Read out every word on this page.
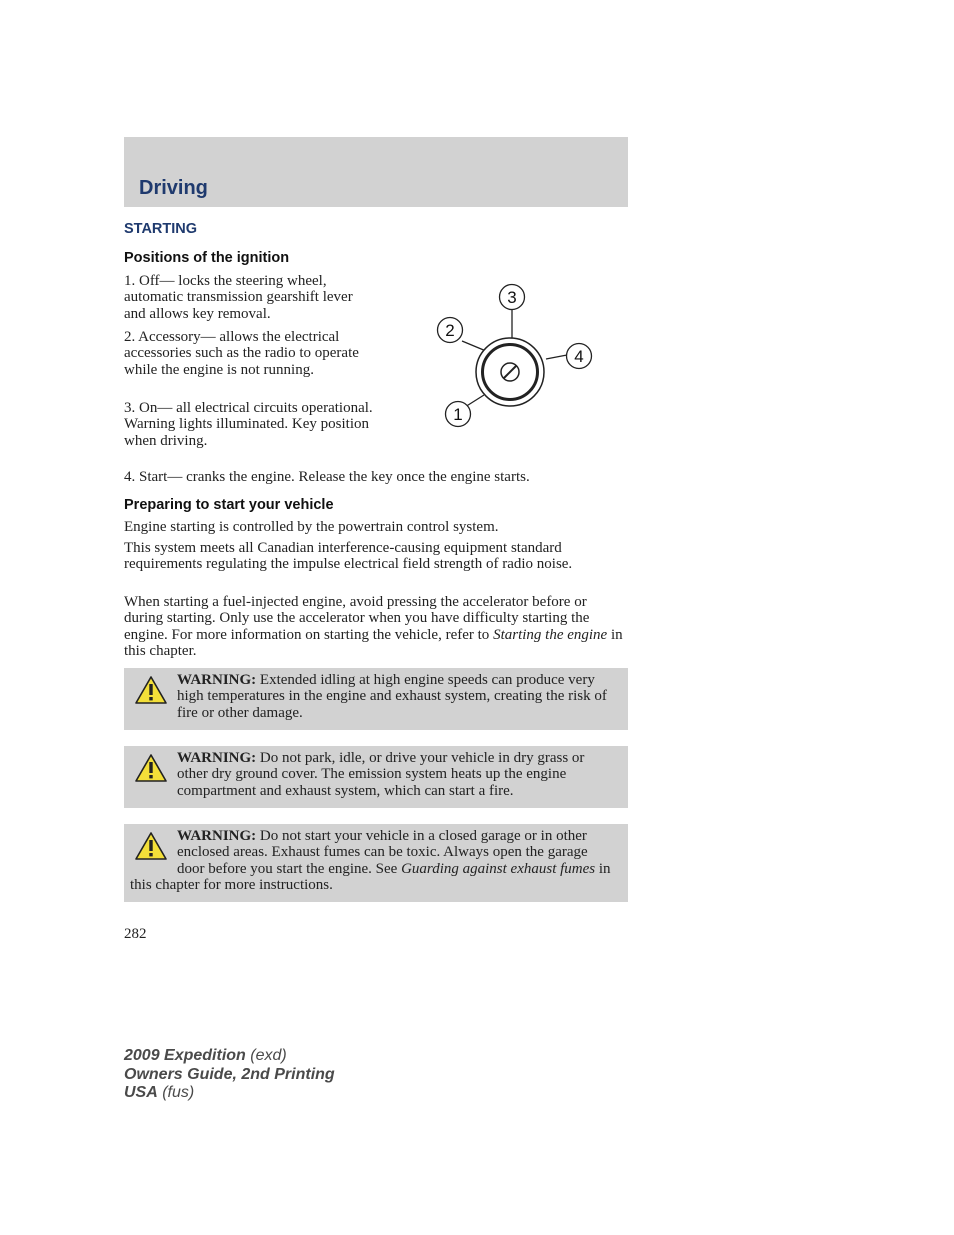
Driving
STARTING
Positions of the ignition

1. Off— locks the steering wheel, automatic transmission gearshift lever and allows key removal.

2. Accessory— allows the electrical accessories such as the radio to operate while the engine is not running.

3. On— all electrical circuits operational. Warning lights illuminated. Key position when driving.

4. Start— cranks the engine. Release the key once the engine starts.

3
2
4
1
Preparing to start your vehicle

Engine starting is controlled by the powertrain control system.

This system meets all Canadian interference-causing equipment standard requirements regulating the impulse electrical field strength of radio noise.

When starting a fuel-injected engine, avoid pressing the accelerator before or during starting. Only use the accelerator when you have difficulty starting the engine. For more information on starting the vehicle, refer to Starting the engine in this chapter.

WARNING: Extended idling at high engine speeds can produce very high temperatures in the engine and exhaust system, creating the risk of fire or other damage.
WARNING: Do not park, idle, or drive your vehicle in dry grass or other dry ground cover. The emission system heats up the engine compartment and exhaust system, which can start a fire.
WARNING: Do not start your vehicle in a closed garage or in other enclosed areas. Exhaust fumes can be toxic. Always open the garage door before you start the engine. See Guarding against exhaust fumes in this chapter for more instructions.

282

2009 Expedition (exd)
Owners Guide, 2nd Printing
USA (fus)
